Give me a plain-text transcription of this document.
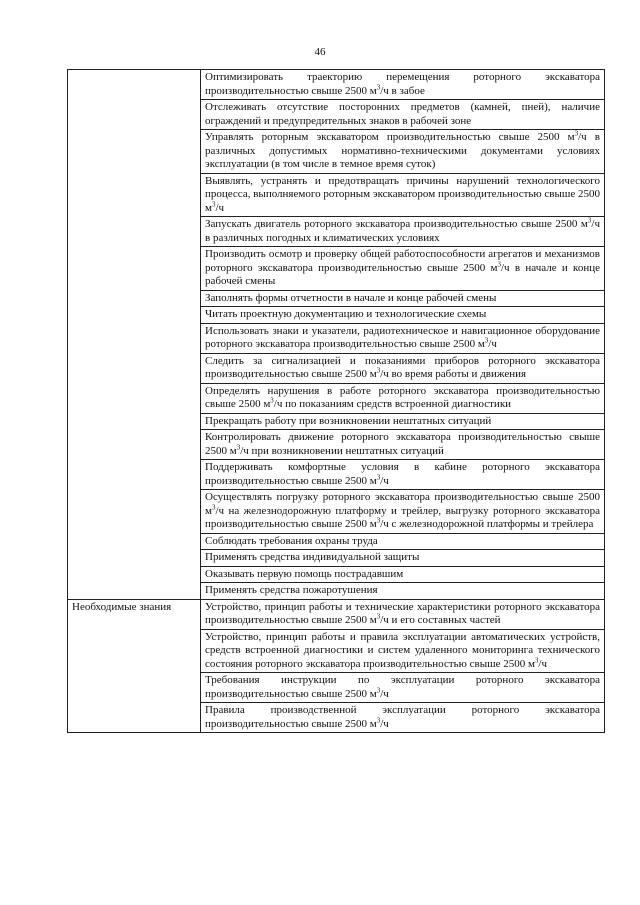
46
	Оптимизировать траекторию перемещения роторного экскаватора производительностью свыше 2500 $м^3/ч$ в забое
	Отслеживать отсутствие посторонних предметов (камней, пней), наличие ограждений и предупредительных знаков в рабочей зоне
	Управлять роторным экскаватором производительностью свыше 2500 $м^3/ч$ в различных допустимых нормативно-техническими документами условиях эксплуатации (в том числе в темное время суток)
	Выявлять, устранять и предотвращать причины нарушений технологического процесса, выполняемого роторным экскаватором производительностью свыше 2500 $м^3/ч$
	Запускать двигатель роторного экскаватора производительностью свыше 2500 $м^3/ч$ в различных погодных и климатических условиях
	Производить осмотр и проверку общей работоспособности агрегатов и механизмов роторного экскаватора производительностью свыше 2500 $м^3/ч$ в начале и конце рабочей смены
	Заполнять формы отчетности в начале и конце рабочей смены
	Читать проектную документацию и технологические схемы
	Использовать знаки и указатели, радиотехническое и навигационное оборудование роторного экскаватора производительностью свыше 2500 $м^3/ч$
	Следить за сигнализацией и показаниями приборов роторного экскаватора производительностью свыше 2500 $м^3/ч$ во время работы и движения
	Определять нарушения в работе роторного экскаватора производительностью свыше 2500 $м^3/ч$ по показаниям средств встроенной диагностики
	Прекращать работу при возникновении нештатных ситуаций
	Контролировать движение роторного экскаватора производительностью свыше 2500 $м^3/ч$ при возникновении нештатных ситуаций
	Поддерживать комфортные условия в кабине роторного экскаватора производительностью свыше 2500 $м^3/ч$
	Осуществлять погрузку роторного экскаватора производительностью свыше 2500 $м^3/ч$ на железнодорожную платформу и трейлер, выгрузку роторного экскаватора производительностью свыше 2500 $м^3/ч$ с железнодорожной платформы и трейлера
	Соблюдать требования охраны труда
	Применять средства индивидуальной защиты
	Оказывать первую помощь пострадавшим
	Применять средства пожаротушения
Необходимые знания	Устройство, принцип работы и технические характеристики роторного экскаватора производительностью свыше 2500 $м^3/ч$ и его составных частей
	Устройство, принцип работы и правила эксплуатации автоматических устройств, средств встроенной диагностики и систем удаленного мониторинга технического состояния роторного экскаватора производительностью свыше 2500 $м^3/ч$
	Требования инструкции по эксплуатации роторного экскаватора производительностью свыше 2500 $м^3/ч$
	Правила производственной эксплуатации роторного экскаватора производительностью свыше 2500 $м^3/ч$
